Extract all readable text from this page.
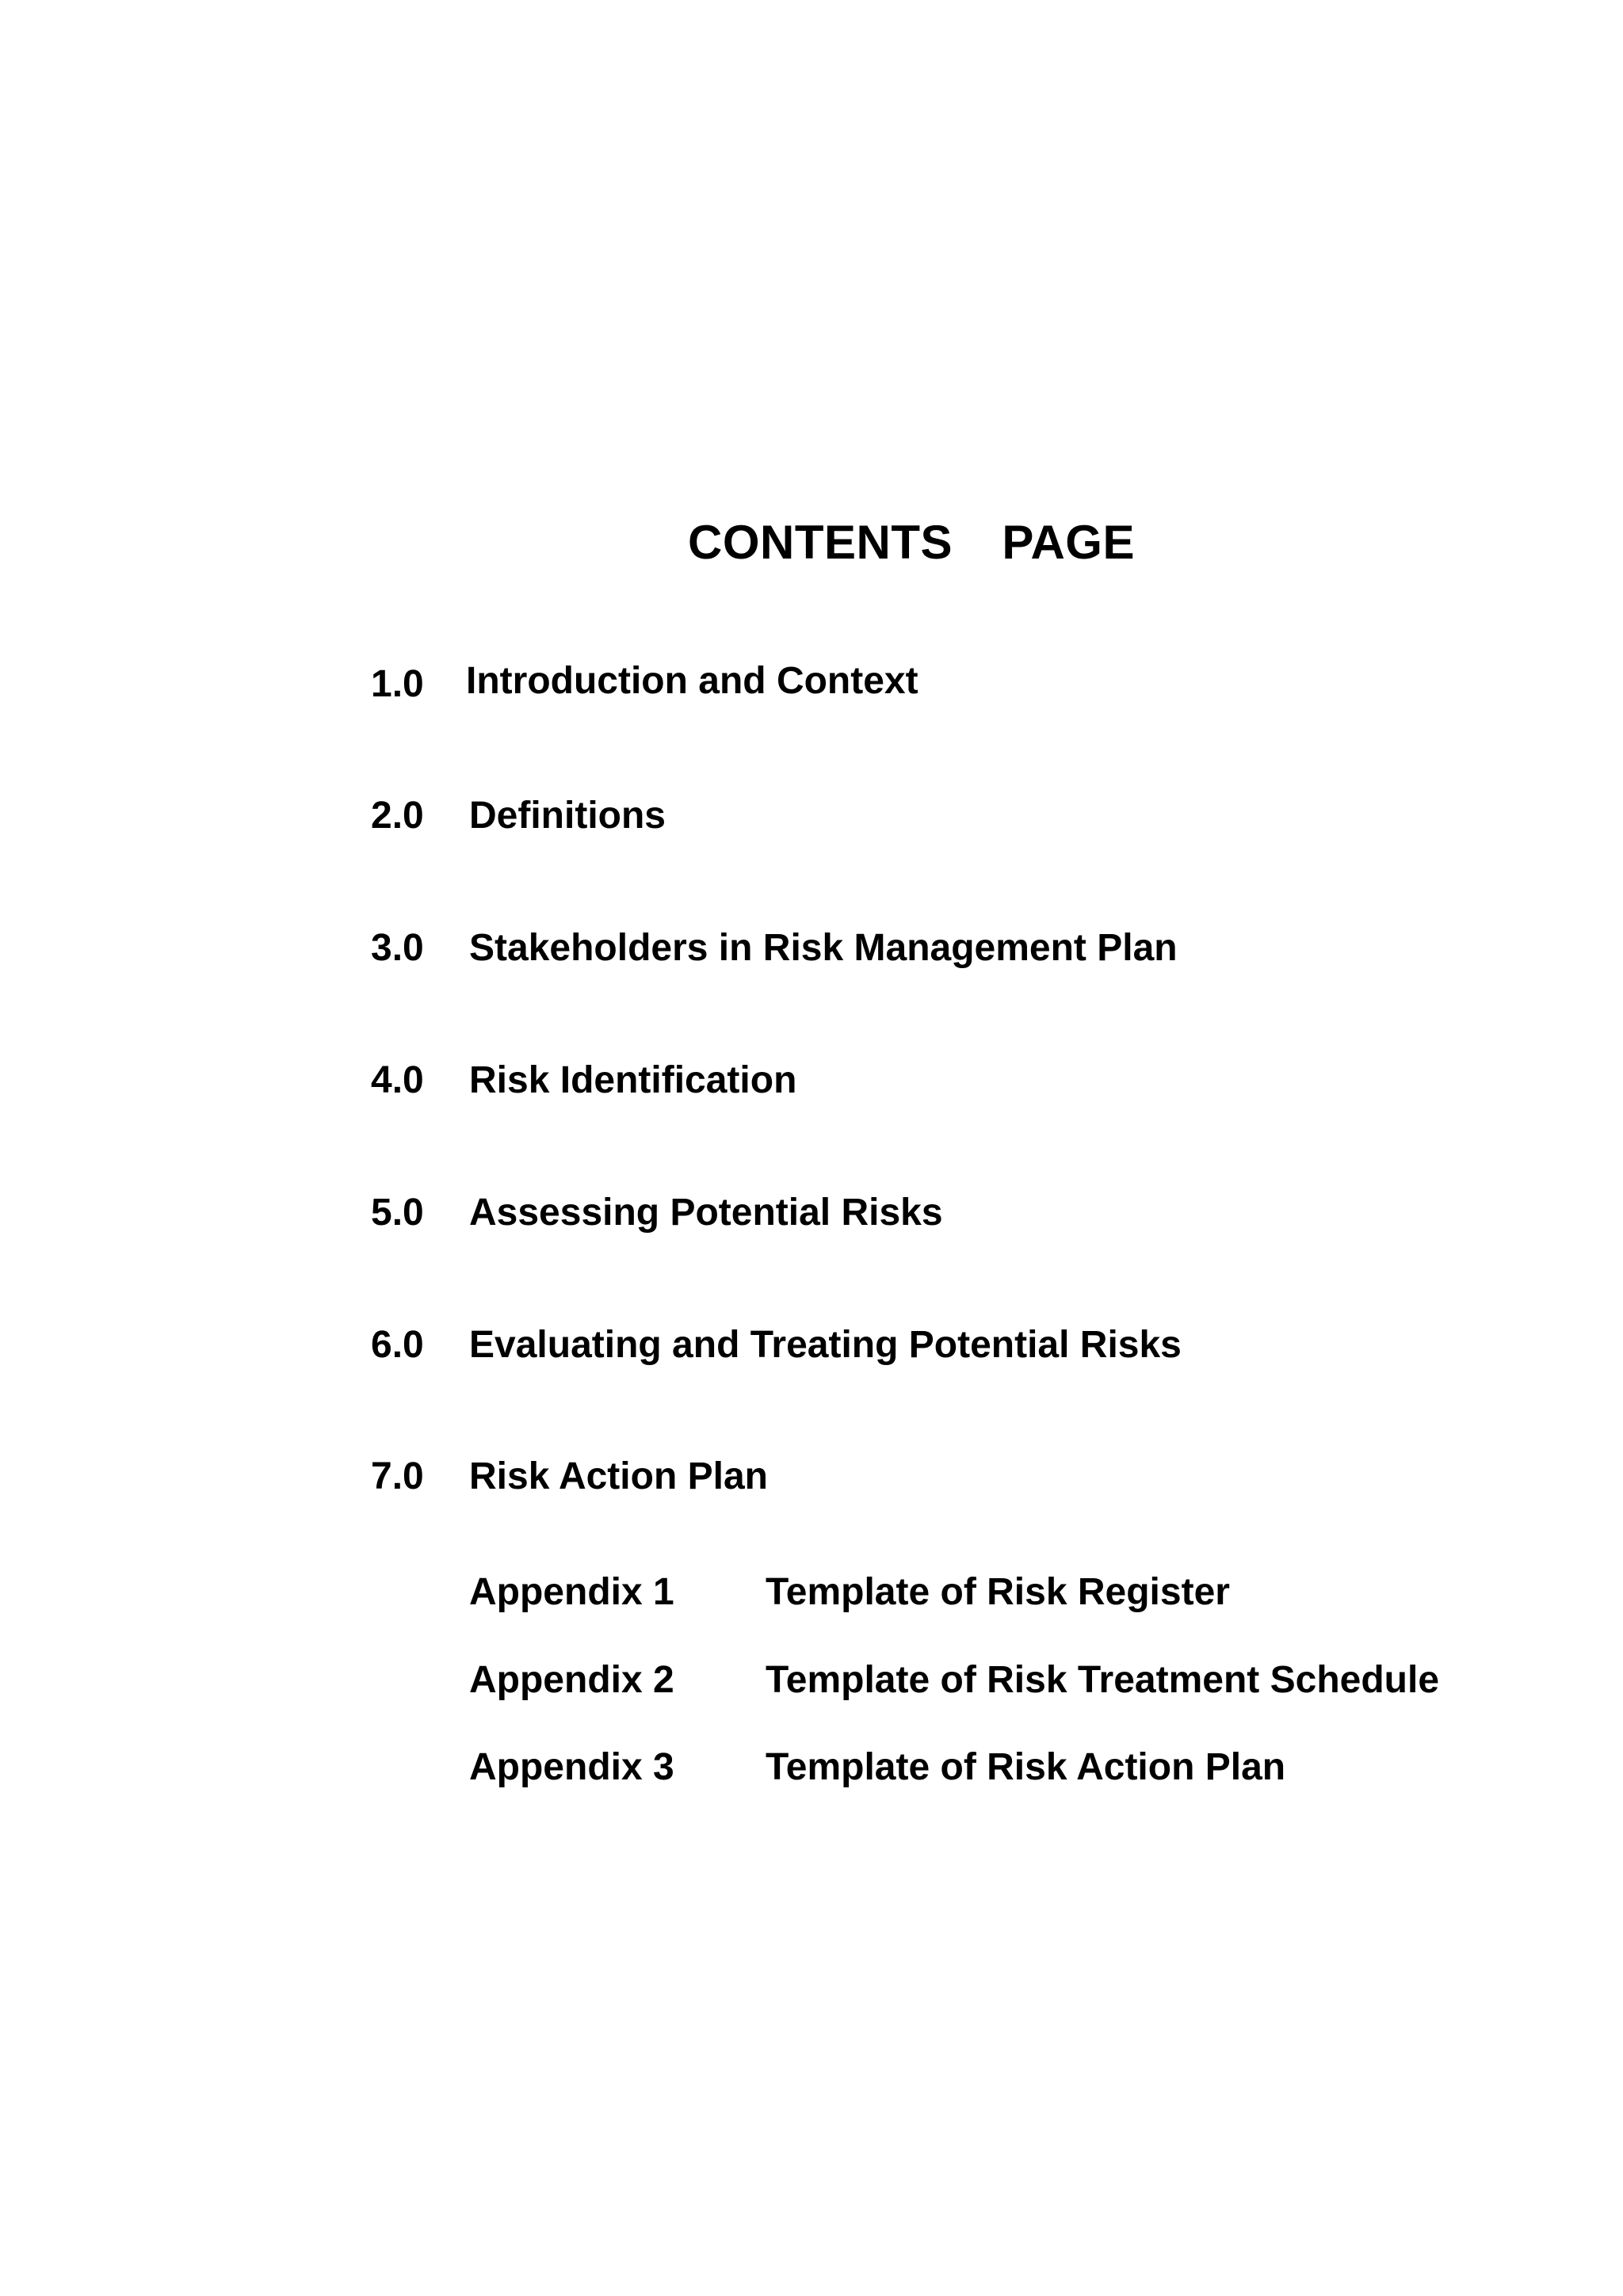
CONTENTS  PAGE
1.0 Introduction and Context
2.0 Definitions
3.0 Stakeholders in Risk Management Plan
4.0 Risk Identification
5.0 Assessing Potential Risks
6.0 Evaluating and Treating Potential Risks
7.0 Risk Action Plan
Appendix 1 Template of Risk Register
Appendix 2 Template of Risk Treatment Schedule
Appendix 3 Template of Risk Action Plan
